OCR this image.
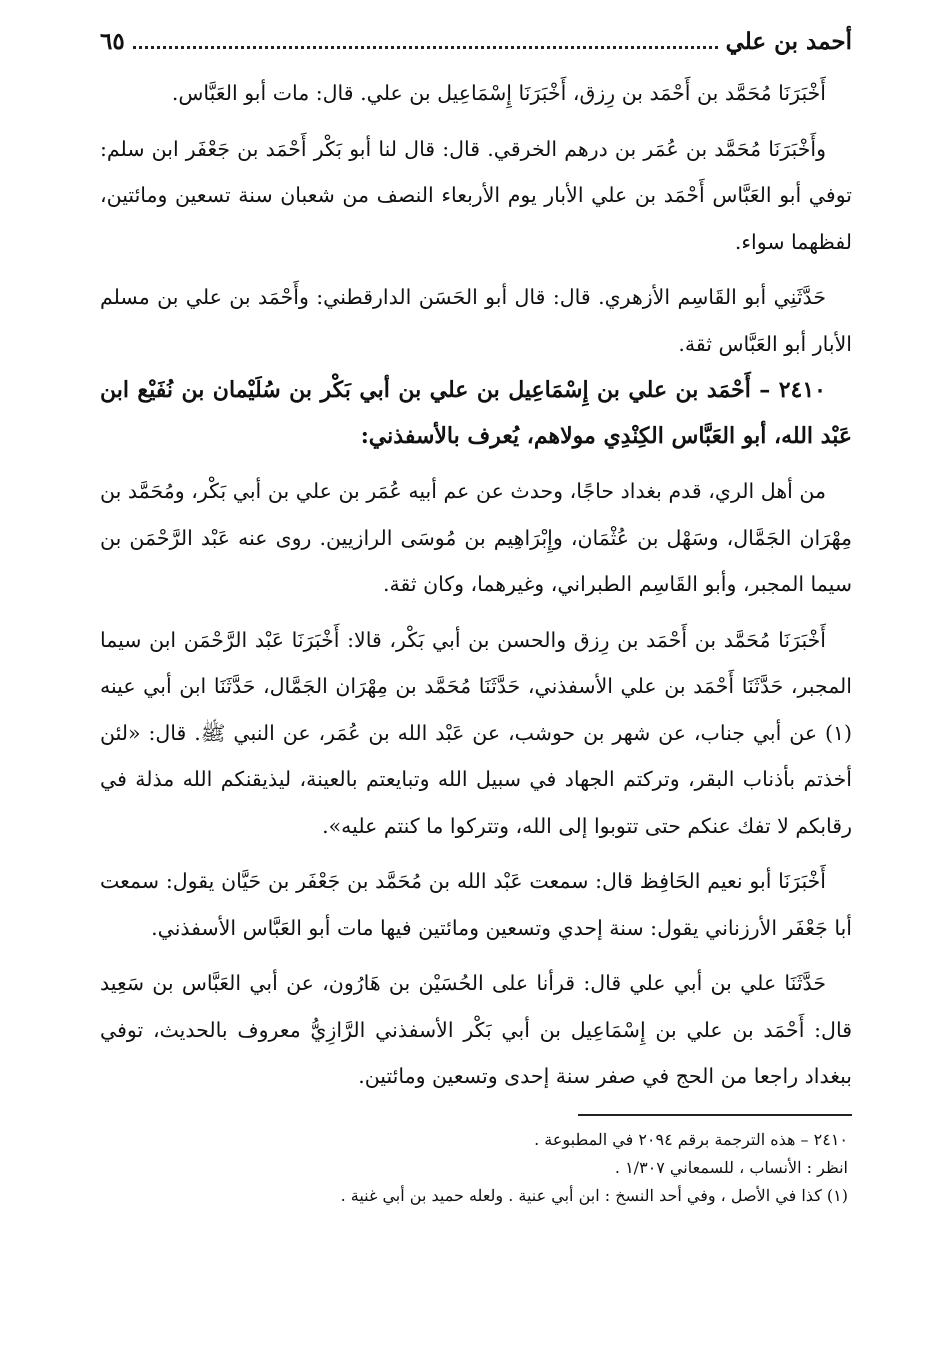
أحمد بن علي
٦٥

أَخْبَرَنَا مُحَمَّد بن أَحْمَد بن رِزق، أَخْبَرَنَا إِسْمَاعِيل بن علي. قال: مات أبو العَبَّاس.

وأَخْبَرَنَا مُحَمَّد بن عُمَر بن درهم الخرقي. قال: قال لنا أبو بَكْر أَحْمَد بن جَعْفَر ابن سلم: توفي أبو العَبَّاس أَحْمَد بن علي الأبار يوم الأربعاء النصف من شعبان سنة تسعين ومائتين، لفظهما سواء.

حَدَّثَنِي أبو القَاسِم الأزهري. قال: قال أبو الحَسَن الدارقطني: وأَحْمَد بن علي بن مسلم الأبار أبو العَبَّاس ثقة.

٢٤١٠ – أَحْمَد بن علي بن إِسْمَاعِيل بن علي بن أبي بَكْر بن سُلَيْمان بن نُفَيْع ابن عَبْد الله، أبو العَبَّاس الكِنْدِي مولاهم، يُعرف بالأسفذني:

من أهل الري، قدم بغداد حاجًا، وحدث عن عم أبيه عُمَر بن علي بن أبي بَكْر، ومُحَمَّد بن مِهْرَان الجَمَّال، وسَهْل بن عُثْمَان، وإِبْرَاهِيم بن مُوسَى الرازيين. روى عنه عَبْد الرَّحْمَن بن سيما المجبر، وأبو القَاسِم الطبراني، وغيرهما، وكان ثقة.

أَخْبَرَنَا مُحَمَّد بن أَحْمَد بن رِزق والحسن بن أبي بَكْر، قالا: أَخْبَرَنَا عَبْد الرَّحْمَن ابن سيما المجبر، حَدَّثَنَا أَحْمَد بن علي الأسفذني، حَدَّثَنَا مُحَمَّد بن مِهْرَان الجَمَّال، حَدَّثَنَا ابن أبي عينه (١) عن أبي جناب، عن شهر بن حوشب، عن عَبْد الله بن عُمَر، عن النبي ﷺ. قال: «لئن أخذتم بأذناب البقر، وتركتم الجهاد في سبيل الله وتبايعتم بالعينة، ليذيقنكم الله مذلة في رقابكم لا تفك عنكم حتى تتوبوا إلى الله، وتتركوا ما كنتم عليه».

أَخْبَرَنَا أبو نعيم الحَافِظ قال: سمعت عَبْد الله بن مُحَمَّد بن جَعْفَر بن حَيَّان يقول: سمعت أبا جَعْفَر الأرزناني يقول: سنة إحدي وتسعين ومائتين فيها مات أبو العَبَّاس الأسفذني.

حَدَّثَنَا علي بن أبي علي قال: قرأنا على الحُسَيْن بن هَارُون، عن أبي العَبَّاس بن سَعِيد قال: أَحْمَد بن علي بن إِسْمَاعِيل بن أبي بَكْر الأسفذني الرَّازِيُّ معروف بالحديث، توفي ببغداد راجعا من الحج في صفر سنة إحدى وتسعين ومائتين.

٢٤١٠ – هذه الترجمة برقم ٢٠٩٤ في المطبوعة .

انظر : الأنساب ، للسمعاني ١/٣٠٧ .

(١) كذا في الأصل ، وفي أحد النسخ : ابن أبي عنية . ولعله حميد بن أبي غنية .
